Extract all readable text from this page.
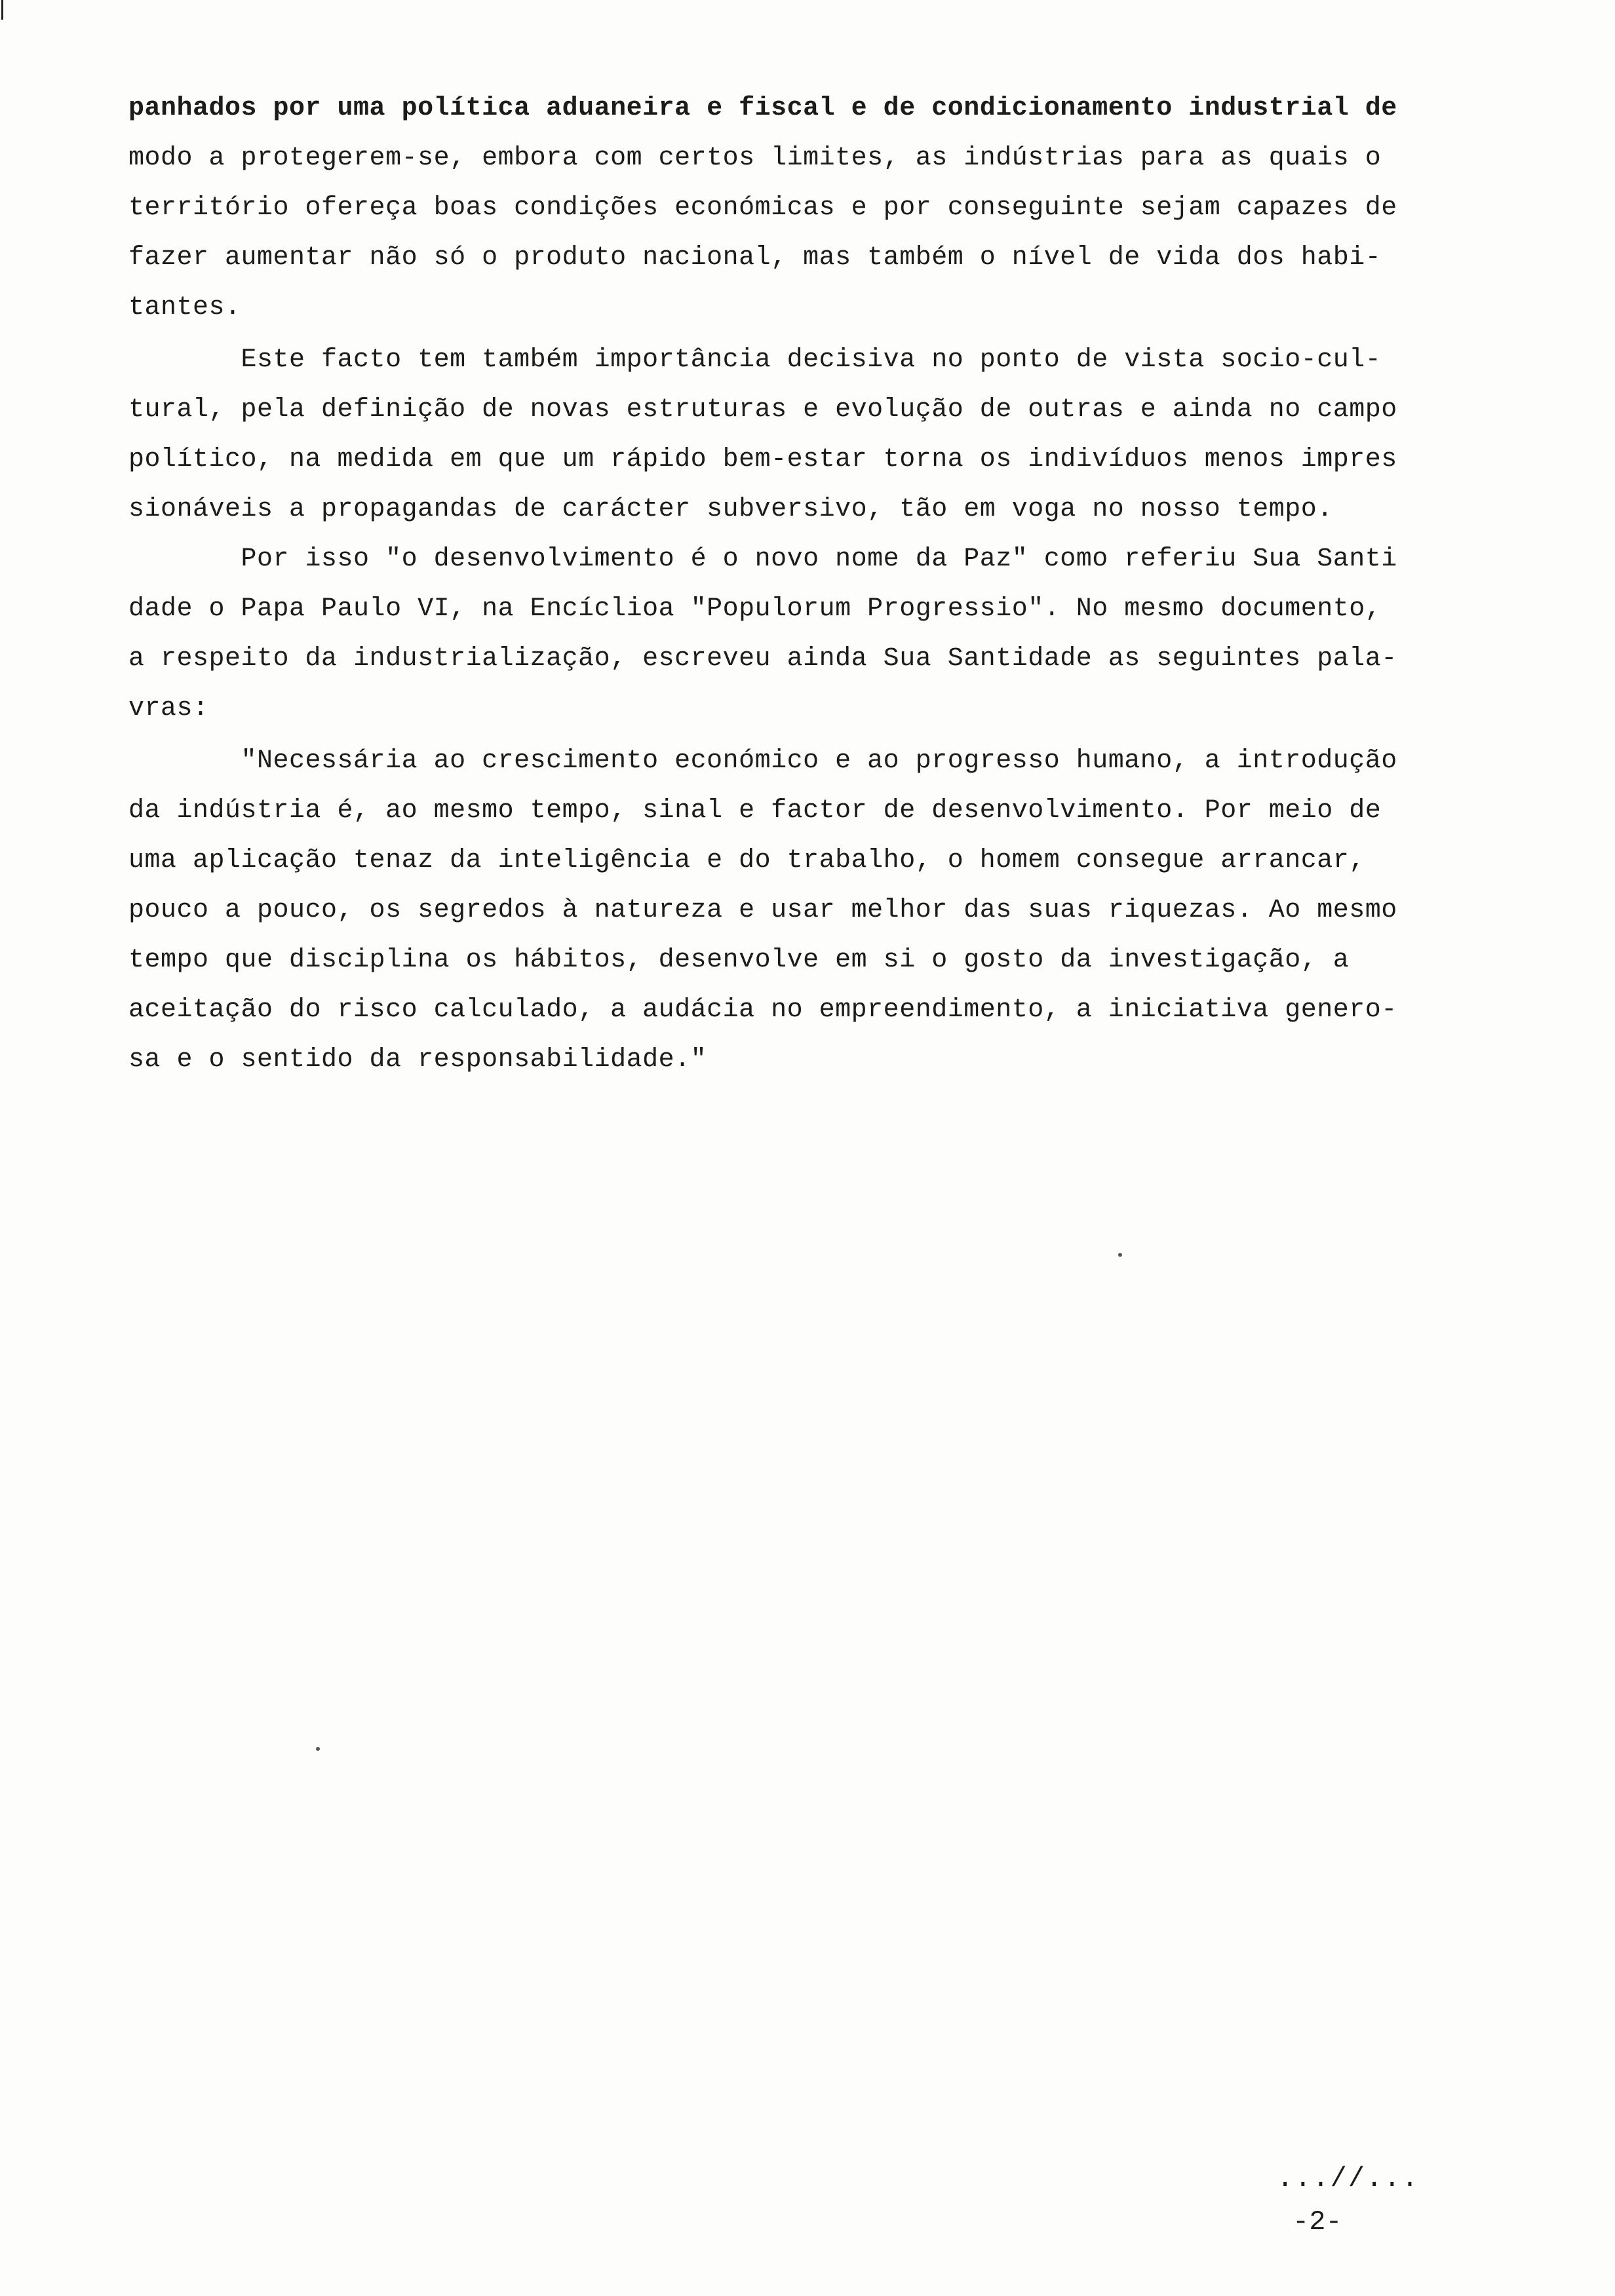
panhados por uma política aduaneira e fiscal e de condicionamento industrial de
modo a protegerem-se, embora com certos limites, as indústrias para as quais o
território ofereça boas condições económicas e por conseguinte sejam capazes de
fazer aumentar não só o produto nacional, mas também o nível de vida dos habi-
tantes.
Este facto tem também importância decisiva no ponto de vista socio-cul-
tural, pela definição de novas estruturas e evolução de outras e ainda no campo
político, na medida em que um rápido bem-estar torna os indivíduos menos impres
sionáveis a propagandas de carácter subversivo, tão em voga no nosso tempo.
Por isso "o desenvolvimento é o novo nome da Paz" como referiu Sua Santi
dade o Papa Paulo VI, na Encíclioa "Populorum Progressio". No mesmo documento,
a respeito da industrialização, escreveu ainda Sua Santidade as seguintes pala-
vras:
"Necessária ao crescimento económico e ao progresso humano, a introdução
da indústria é, ao mesmo tempo, sinal e factor de desenvolvimento. Por meio de
uma aplicação tenaz da inteligência e do trabalho, o homem consegue arrancar,
pouco a pouco, os segredos à natureza e usar melhor das suas riquezas. Ao mesmo
tempo que disciplina os hábitos, desenvolve em si o gosto da investigação, a
aceitação do risco calculado, a audácia no empreendimento, a iniciativa genero-
sa e o sentido da responsabilidade."
...//...
-2-
